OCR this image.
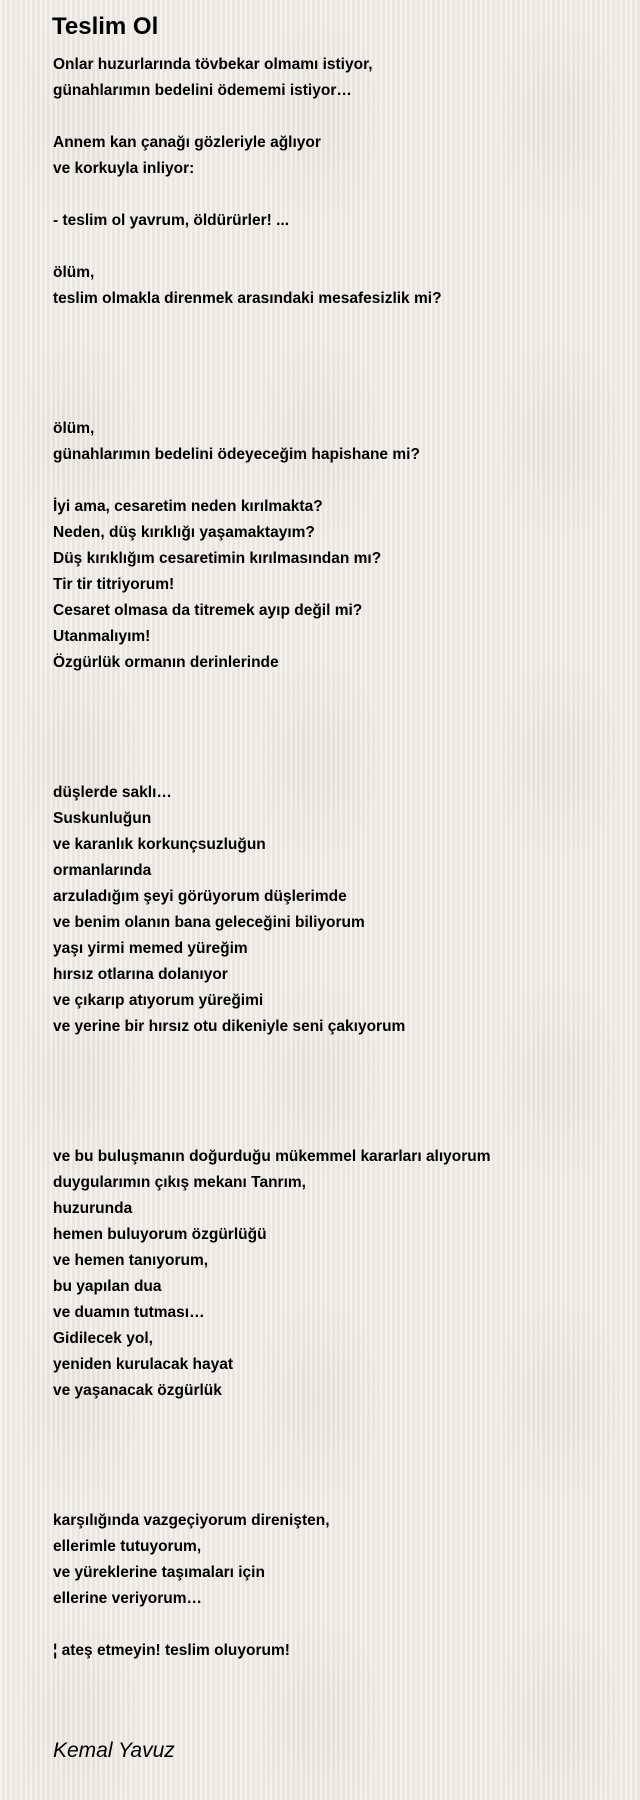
Teslim Ol
Onlar huzurlarında tövbekar olmamı istiyor,
günahlarımın bedelini ödememi istiyor…
Annem kan çanağı gözleriyle ağlıyor
ve korkuyla inliyor:
- teslim ol yavrum, öldürürler! ...
ölüm,
teslim olmakla direnmek arasındaki mesafesizlik mi?
ölüm,
günahlarımın bedelini ödeyeceğim hapishane mi?
İyi ama, cesaretim neden kırılmakta?
Neden, düş kırıklığı yaşamaktayım?
Düş kırıklığım cesaretimin kırılmasından mı?
Tir tir titriyorum!
Cesaret olmasa da titremek ayıp değil mi?
Utanmalıyım!
Özgürlük ormanın derinlerinde
düşlerde saklı…
Suskunluğun
ve karanlık korkunçsuzluğun
ormanlarında
arzuladığım şeyi görüyorum düşlerimde
ve benim olanın bana geleceğini biliyorum
yaşı yirmi memed yüreğim
hırsız otlarına dolanıyor
ve çıkarıp atıyorum yüreğimi
ve yerine bir hırsız otu dikeniyle seni çakıyorum
ve bu buluşmanın doğurduğu mükemmel kararları alıyorum
duygularımın çıkış mekanı Tanrım,
huzurunda
hemen buluyorum özgürlüğü
ve hemen tanıyorum,
bu yapılan dua
ve duamın tutması…
Gidilecek yol,
yeniden kurulacak hayat
ve yaşanacak özgürlük
karşılığında vazgeçiyorum direnişten,
ellerimle tutuyorum,
ve yüreklerine taşımaları için
ellerine veriyorum…
¦ ateş etmeyin! teslim oluyorum!
Kemal Yavuz
